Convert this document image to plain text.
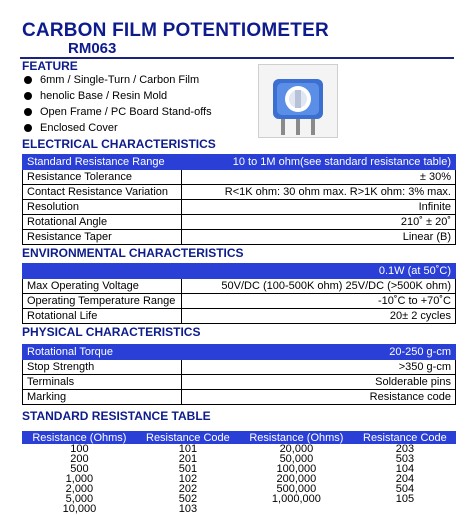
CARBON FILM POTENTIOMETER
RM063
FEATURE
6mm / Single-Turn / Carbon Film
henolic Base / Resin Mold
Open Frame / PC Board Stand-offs
Enclosed Cover
ELECTRICAL CHARACTERISTICS
Standard Resistance Range	10 to 1M ohm(see standard resistance table)
Resistance Tolerance	± 30%
Contact Resistance Variation	R<1K ohm: 30 ohm max. R>1K ohm: 3% max.
Resolution	Infinite
Rotational Angle	210˚ ± 20˚
Resistance Taper	Linear (B)
ENVIRONMENTAL CHARACTERISTICS
	0.1W (at 50˚C)
Max Operating Voltage	50V/DC (100-500K ohm) 25V/DC (>500K ohm)
Operating Temperature Range	-10˚C to +70˚C
Rotational Life	20± 2 cycles
PHYSICAL CHARACTERISTICS
Rotational Torque	20-250 g-cm
Stop Strength	>350 g-cm
Terminals	Solderable pins
Marking	Resistance code
STANDARD RESISTANCE TABLE
Resistance (Ohms)	Resistance Code	Resistance (Ohms)	Resistance Code
100	101	20,000	203
200	201	50,000	503
500	501	100,000	104
1,000	102	200,000	204
2,000	202	500,000	504
5,000	502	1,000,000	105
10,000	103		
